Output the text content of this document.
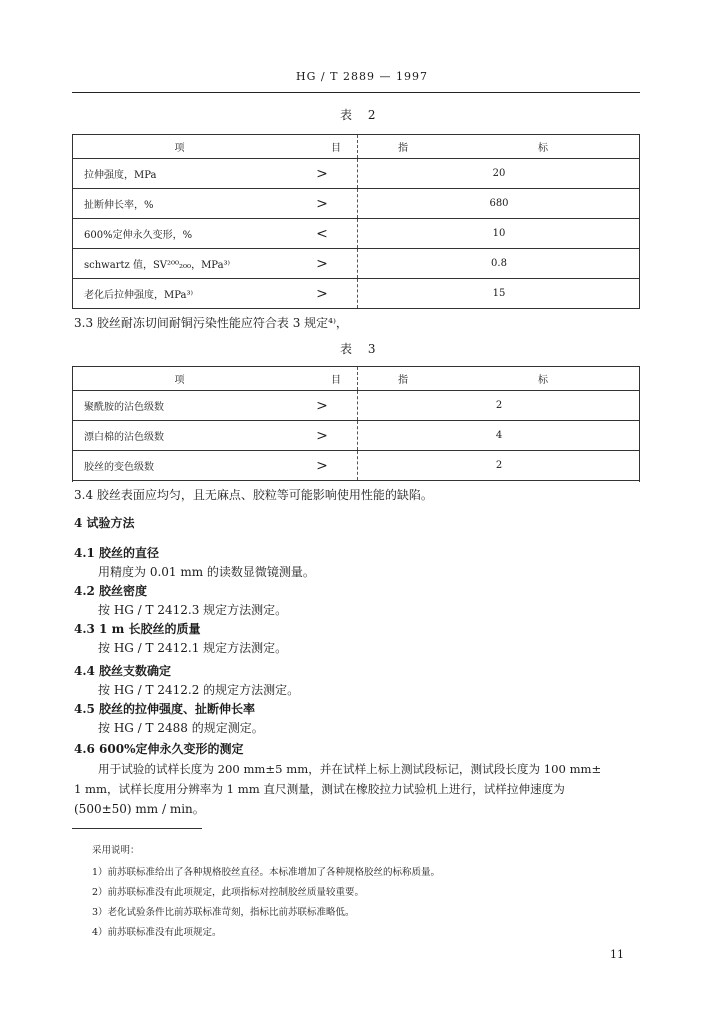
HG / T 2889 — 1997
表 2
项	目	指 标
拉伸强度，MPa	>	20
扯断伸长率，%	>	680
600%定伸永久变形，%	<	10
schwartz 值，SV²⁰⁰₂₀₀，MPa³⁾	>	0.8
老化后拉伸强度，MPa³⁾	>	15
3.3 胶丝耐冻切间耐铜污染性能应符合表 3 规定⁴⁾，
表 3
项	目	指 标
聚酰胺的沾色级数	>	2
漂白棉的沾色级数	>	4
胶丝的变色级数	>	2
3.4 胶丝表面应均匀，且无麻点、胶粒等可能影响使用性能的缺陷。
4 试验方法
4.1 胶丝的直径
用精度为 0.01 mm 的读数显微镜测量。
4.2 胶丝密度
按 HG / T 2412.3 规定方法测定。
4.3 1 m 长胶丝的质量
按 HG / T 2412.1 规定方法测定。
4.4 胶丝支数确定
按 HG / T 2412.2 的规定方法测定。
4.5 胶丝的拉伸强度、扯断伸长率
按 HG / T 2488 的规定测定。
4.6 600%定伸永久变形的测定
用于试验的试样长度为 200 mm±5 mm，并在试样上标上测试段标记，测试段长度为 100 mm±
1 mm，试样长度用分辨率为 1 mm 直尺测量，测试在橡胶拉力试验机上进行，试样拉伸速度为
(500±50) mm / min。
采用说明：
1）前苏联标准给出了各种规格胶丝直径。本标准增加了各种规格胶丝的标称质量。
2）前苏联标准没有此项规定，此项指标对控制胶丝质量较重要。
3）老化试验条件比前苏联标准苛刻，指标比前苏联标准略低。
4）前苏联标准没有此项规定。
11
